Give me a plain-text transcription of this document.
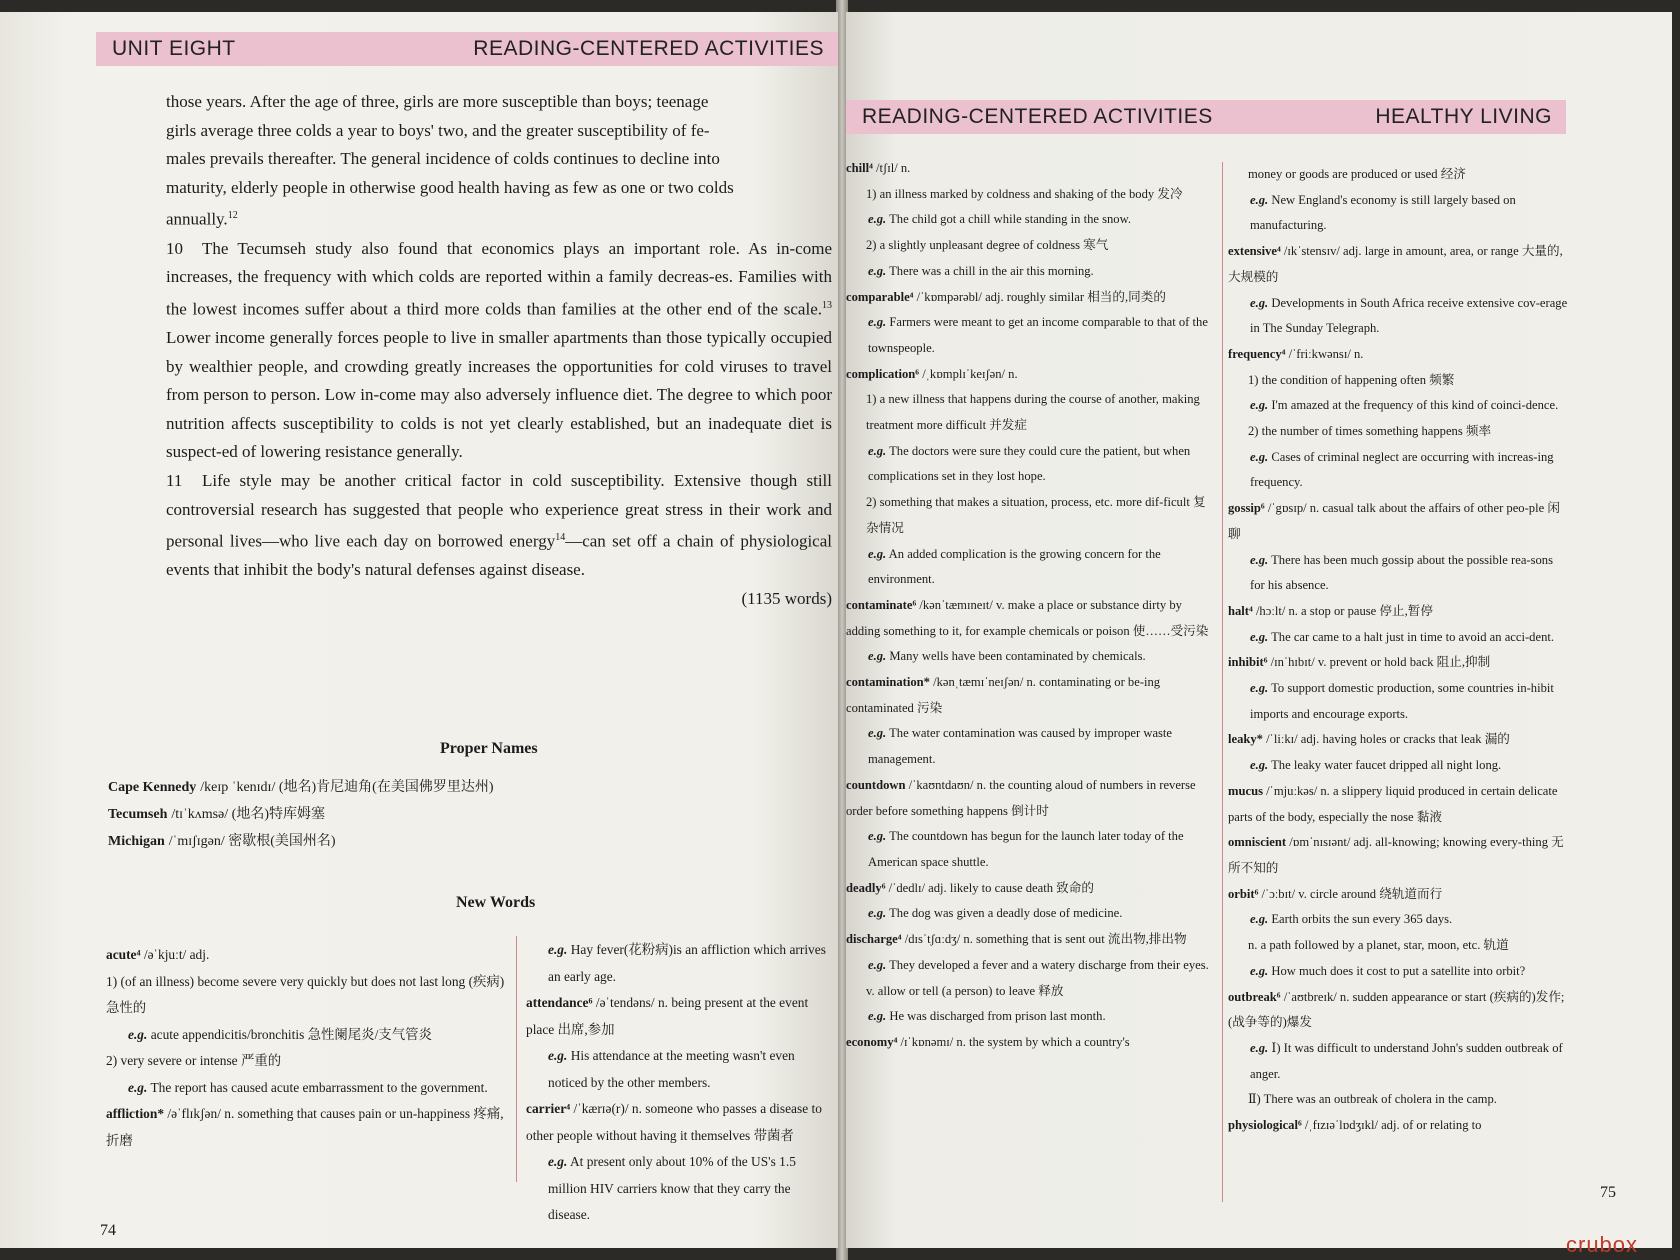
UNIT EIGHT	READING-CENTERED ACTIVITIES

those years. After the age of three, girls are more susceptible than boys; teenage

girls average three colds a year to boys' two, and the greater susceptibility of fe-

males prevails thereafter. The general incidence of colds continues to decline into

maturity, elderly people in otherwise good health having as few as one or two colds

annually.$^{12}$

10 The Tecumseh study also found that economics plays an important role. As in-come increases, the frequency with which colds are reported within a family decreas-es. Families with the lowest incomes suffer about a third more colds than families at the other end of the scale.$^{13}$ Lower income generally forces people to live in smaller apartments than those typically occupied by wealthier people, and crowding greatly increases the opportunities for cold viruses to travel from person to person. Low in-come may also adversely influence diet. The degree to which poor nutrition affects susceptibility to colds is not yet clearly established, but an inadequate diet is suspect-ed of lowering resistance generally.

11 Life style may be another critical factor in cold susceptibility. Extensive though still controversial research has suggested that people who experience great stress in their work and personal lives—who live each day on borrowed energy$^{14}$—can set off a chain of physiological events that inhibit the body's natural defenses against disease.

(1135 words)

Proper Names
Cape Kennedy /keɪp ˈkenɪdɪ/ (地名)肯尼迪角(在美国佛罗里达州)
Tecumseh /tɪˈkʌmsə/ (地名)特库姆塞
Michigan /ˈmɪʃɪgən/ 密歇根(美国州名)
New Words
acute⁴ /əˈkjuːt/ adj.
1) (of an illness) become severe very quickly but does not last long (疾病)急性的
e.g. acute appendicitis/bronchitis 急性阑尾炎/支气管炎
2) very severe or intense 严重的
e.g. The report has caused acute embarrassment to the government.
affliction* /əˈflɪkʃən/ n. something that causes pain or un-happiness 疼痛,折磨
e.g. Hay fever(花粉病)is an affliction which arrives an early age.
attendance⁶ /əˈtendəns/ n. being present at the event place 出席,参加
e.g. His attendance at the meeting wasn't even noticed by the other members.
carrier⁴ /ˈkærɪə(r)/ n. someone who passes a disease to other people without having it themselves 带菌者
e.g. At present only about 10% of the US's 1.5 million HIV carriers know that they carry the disease.
74
READING-CENTERED ACTIVITIES	HEALTHY LIVING
chill⁴ /tʃɪl/ n.
1) an illness marked by coldness and shaking of the body 发冷
e.g. The child got a chill while standing in the snow.
2) a slightly unpleasant degree of coldness 寒气
e.g. There was a chill in the air this morning.
comparable⁴ /ˈkɒmpərəbl/ adj. roughly similar 相当的,同类的
e.g. Farmers were meant to get an income comparable to that of the townspeople.
complication⁶ /ˌkɒmplɪˈkeɪʃən/ n.
1) a new illness that happens during the course of another, making treatment more difficult 并发症
e.g. The doctors were sure they could cure the patient, but when complications set in they lost hope.
2) something that makes a situation, process, etc. more dif-ficult 复杂情况
e.g. An added complication is the growing concern for the environment.
contaminate⁶ /kənˈtæmɪneɪt/ v. make a place or substance dirty by adding something to it, for example chemicals or poison 使……受污染
e.g. Many wells have been contaminated by chemicals.
contamination* /kənˌtæmɪˈneɪʃən/ n. contaminating or be-ing contaminated 污染
e.g. The water contamination was caused by improper waste management.
countdown /ˈkaʊntdaʊn/ n. the counting aloud of numbers in reverse order before something happens 倒计时
e.g. The countdown has begun for the launch later today of the American space shuttle.
deadly⁶ /ˈdedlɪ/ adj. likely to cause death 致命的
e.g. The dog was given a deadly dose of medicine.
discharge⁴ /dɪsˈtʃɑːdʒ/ n. something that is sent out 流出物,排出物
e.g. They developed a fever and a watery discharge from their eyes.
v. allow or tell (a person) to leave 释放
e.g. He was discharged from prison last month.
economy⁴ /ɪˈkɒnəmɪ/ n. the system by which a country's
money or goods are produced or used 经济
e.g. New England's economy is still largely based on manufacturing.
extensive⁴ /ɪkˈstensɪv/ adj. large in amount, area, or range 大量的,大规模的
e.g. Developments in South Africa receive extensive cov-erage in The Sunday Telegraph.
frequency⁴ /ˈfriːkwənsɪ/ n.
1) the condition of happening often 频繁
e.g. I'm amazed at the frequency of this kind of coinci-dence.
2) the number of times something happens 频率
e.g. Cases of criminal neglect are occurring with increas-ing frequency.
gossip⁶ /ˈgɒsɪp/ n. casual talk about the affairs of other peo-ple 闲聊
e.g. There has been much gossip about the possible rea-sons for his absence.
halt⁴ /hɔːlt/ n. a stop or pause 停止,暂停
e.g. The car came to a halt just in time to avoid an acci-dent.
inhibit⁶ /ɪnˈhɪbɪt/ v. prevent or hold back 阻止,抑制
e.g. To support domestic production, some countries in-hibit imports and encourage exports.
leaky* /ˈliːkɪ/ adj. having holes or cracks that leak 漏的
e.g. The leaky water faucet dripped all night long.
mucus /ˈmjuːkəs/ n. a slippery liquid produced in certain delicate parts of the body, especially the nose 黏液
omniscient /ɒmˈnɪsɪənt/ adj. all-knowing; knowing every-thing 无所不知的
orbit⁶ /ˈɔːbɪt/ v. circle around 绕轨道而行
e.g. Earth orbits the sun every 365 days.
n. a path followed by a planet, star, moon, etc. 轨道
e.g. How much does it cost to put a satellite into orbit?
outbreak⁶ /ˈaʊtbreɪk/ n. sudden appearance or start (疾病的)发作;(战争等的)爆发
e.g. Ⅰ) It was difficult to understand John's sudden outbreak of anger.
Ⅱ) There was an outbreak of cholera in the camp.
physiological⁶ /ˌfɪzɪəˈlɒdʒɪkl/ adj. of or relating to
75
crubox
